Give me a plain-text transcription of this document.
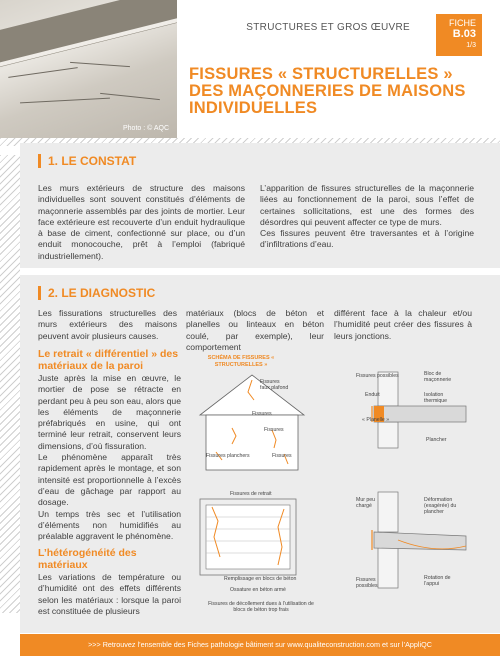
Photo : © AQC
STRUCTURES ET GROS ŒUVRE	FICHE
B.03
1/3
FISSURES « STRUCTURELLES »
DES MAÇONNERIES DE MAISONS
INDIVIDUELLES
1. LE CONSTAT
Les murs extérieurs de structure des maisons individuelles sont souvent constitués d’éléments de maçonnerie assemblés par des joints de mortier. Leur face extérieure est recouverte d’un enduit hydraulique à base de ciment, confectionné sur place, ou d’un enduit monocouche, prêt à l’emploi (fabriqué industriellement).
L’apparition de fissures structurelles de la maçonnerie liées au fonctionnement de la paroi, sous l’effet de certaines sollicitations, est une des formes des désordres qui peuvent affecter ce type de murs.
Ces fissures peuvent être traversantes et à l’origine d’infiltrations d’eau.
2. LE DIAGNOSTIC
Les fissurations structurelles des murs extérieurs des maisons peuvent avoir plusieurs causes.
matériaux (blocs de béton et planelles ou linteaux en béton coulé, par exemple), leur comportement
différent face à la chaleur et/ou l’humidité peut créer des fissures à leurs jonctions.
Le retrait « différentiel » des matériaux de la paroi
Juste après la mise en œuvre, le mortier de pose se rétracte en perdant peu à peu son eau, alors que les éléments de maçonnerie préfabriqués en usine, qui ont terminé leur retrait, conservent leurs dimensions, d’où fissuration.
Le phénomène apparaît très rapidement après le montage, et son intensité est proportionnelle à l’excès d’eau de gâchage par rapport au dosage.
Un temps très sec et l’utilisation d’éléments non humidifiés au préalable aggravent le phénomène.
L’hétérogénéité des matériaux
Les variations de température ou d’humidité ont des effets différents selon les matériaux : lorsque la paroi est constituée de plusieurs
SCHÉMA DE FISSURES « STRUCTURELLES »
Fissures faux plafond
Fissures
Fissures
Fissures planchers	Fissures
Fissures de retrait
Remplissage en blocs de béton
Ossature en béton armé
Fissures de décollement dues à l’utilisation de blocs de béton trop frais
Fissures possibles
Enduit
Bloc de maçonnerie
Isolation thermique
« Planelle »
Plancher
Mur peu chargé
Déformation (exagérée) du plancher
Fissures possibles
Rotation de l’appui
>>> Retrouvez l’ensemble des Fiches pathologie bâtiment sur www.qualiteconstruction.com et sur l’AppliQC
